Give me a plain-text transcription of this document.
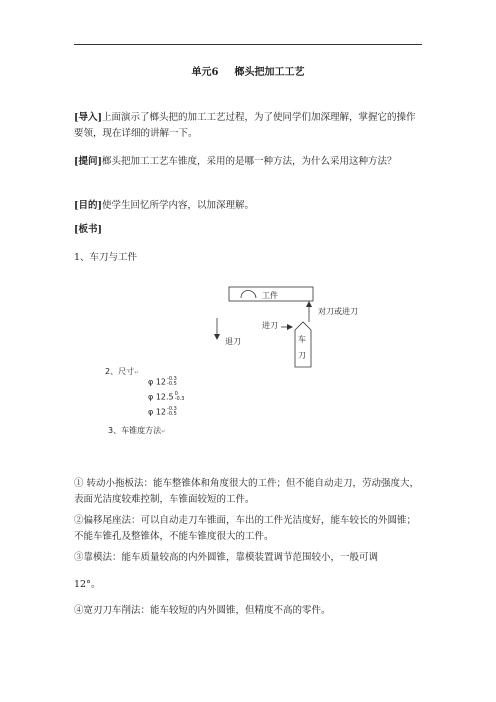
单元6 榔头把加工工艺
[导入]上面演示了榔头把的加工工艺过程，为了使同学们加深理解，掌握它的操作要领，现在详细的讲解一下。
[提问]榔头把加工工艺车锥度，采用的是哪一种方法，为什么采用这种方法？
[目的]使学生回忆所学内容，以加深理解。
[板书]
1、车刀与工件
工件
对刀或进刀
进刀
退刀	车
刀
2、尺寸↵
φ 12-0.3
-0.5
φ 12.50
-0.3
φ 12-0.3
-0.5
3、车锥度方法↵
① 转动小拖板法：能车整锥体和角度很大的工件；但不能自动走刀，劳动强度大，表面光洁度较难控制，车锥面较短的工件。
②偏移尾座法：可以自动走刀车锥面，车出的工件光洁度好，能车较长的外圆锥；不能车锥孔及整锥体，不能车锥度很大的工件。
③靠模法：能车质量较高的内外圆锥，靠模装置调节范围较小，一般可调
12°。
④宽刃刀车削法：能车较短的内外圆锥，但精度不高的零件。
